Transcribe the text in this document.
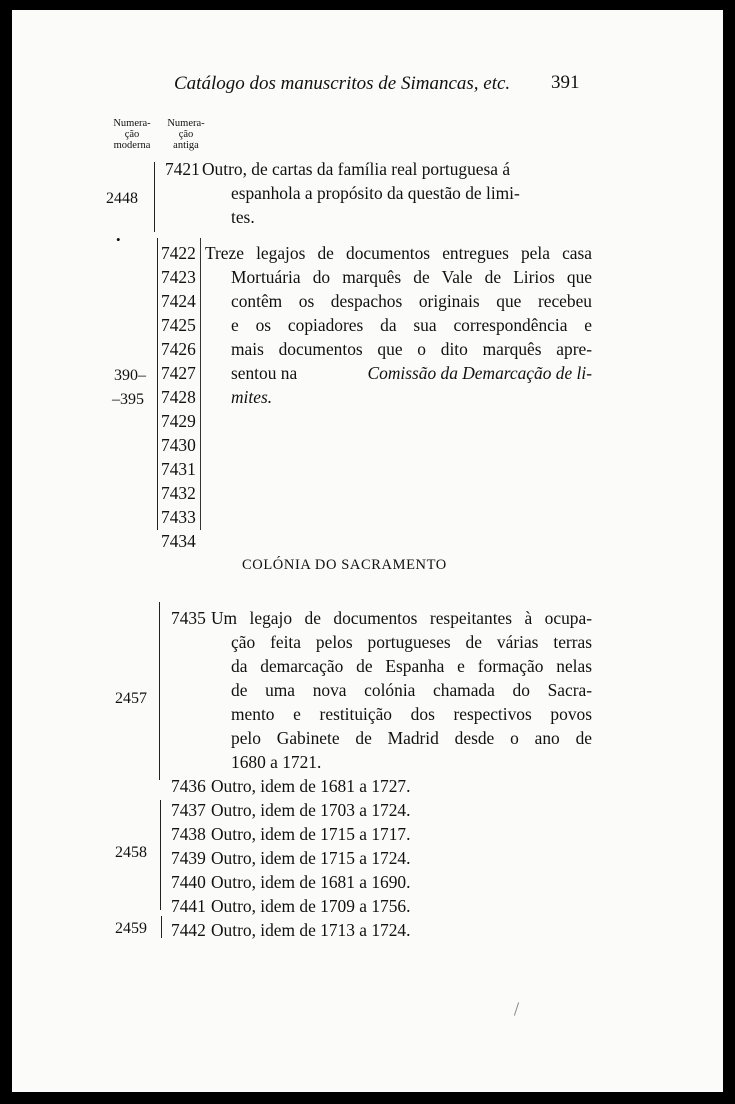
Catálogo dos manuscritos de Simancas, etc. 391
Numera-
ção
moderna
Numera-
ção
antiga
2448
7421 Outro, de cartas da família real portuguesa á
espanhola a propósito da questão de limi-
tes.
•
390–
–395
7422
7423
7424
7425
7426
7427
7428
7429
7430
7431
7432
7433
7434
Treze legajos de documentos entregues pela casa
Mortuária do marquês de Vale de Lirios que
contêm os despachos originais que recebeu
e os copiadores da sua correspondência e
mais documentos que o dito marquês apre-
sentou na	Comissão da Demarcação de li-
mites.
COLÓNIA DO SACRAMENTO
2457
7435 Um legajo de documentos respeitantes à ocupa-
ção feita pelos portugueses de várias terras
da demarcação de Espanha e formação nelas
de uma nova colónia chamada do Sacra-
mento e restituição dos respectivos povos
pelo Gabinete de Madrid desde o ano de
1680 a 1721.
7436 Outro, idem de 1681 a 1727.
2458
7437 Outro, idem de 1703 a 1724.
7438 Outro, idem de 1715 a 1717.
7439 Outro, idem de 1715 a 1724.
7440 Outro, idem de 1681 a 1690.
7441 Outro, idem de 1709 a 1756.
2459 7442 Outro, idem de 1713 a 1724.
